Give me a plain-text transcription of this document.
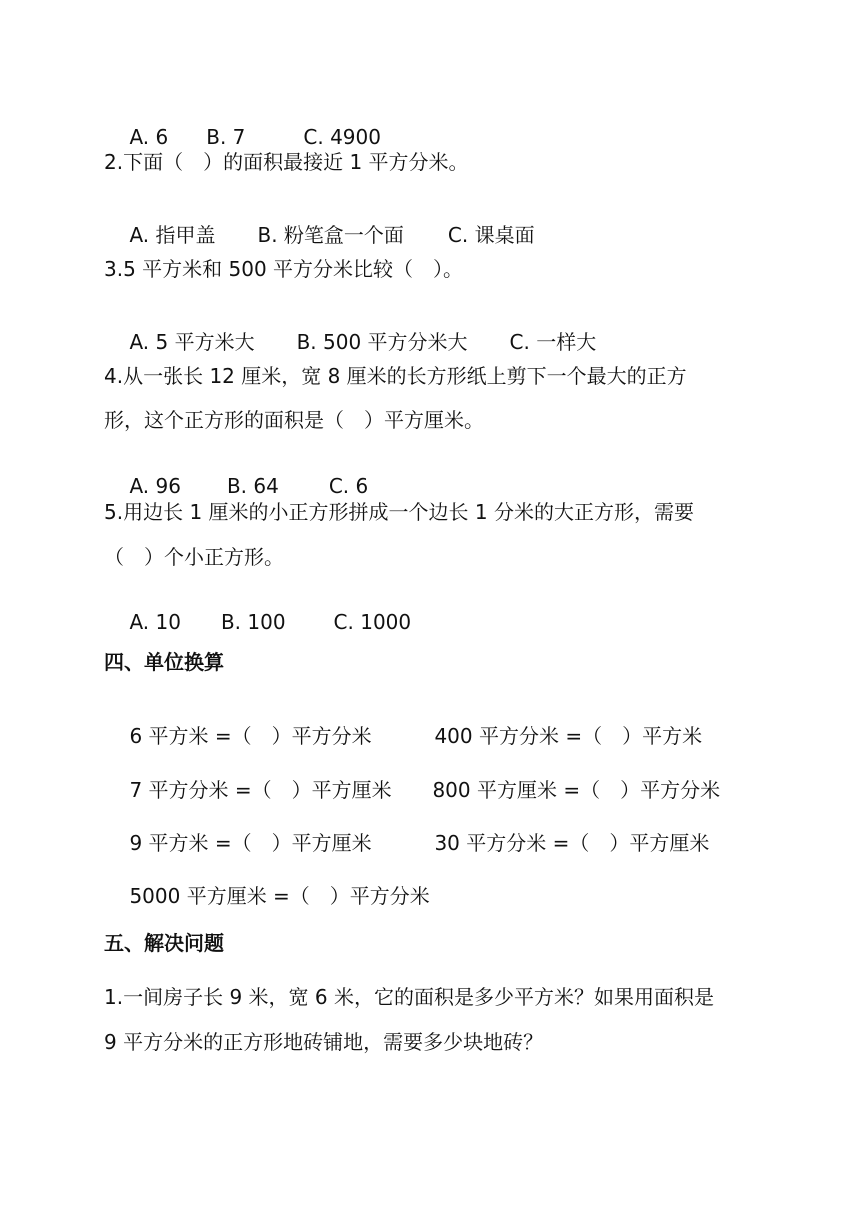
A. 6 B. 7	C. 4900

2.下面（　）的面积最接近 1 平方分米。

A. 指甲盖 B. 粉笔盒一个面 C. 课桌面

3.5 平方米和 500 平方分米比较（　）。

A. 5 平方米大 B. 500 平方分米大 C. 一样大

4.从一张长 12 厘米，宽 8 厘米的长方形纸上剪下一个最大的正方
形，这个正方形的面积是（　）平方厘米。

A. 96 B. 64	C. 6

5.用边长 1 厘米的小正方形拼成一个边长 1 分米的大正方形，需要
（　）个小正方形。

A. 10 B. 100 C. 1000

四、单位换算

6 平方米 =（　）平方分米	400 平方分米 =（　）平方米

7 平方分米 =（　）平方厘米 800 平方厘米 =（　）平方分米

9 平方米 =（　）平方厘米	30 平方分米 =（　）平方厘米

5000 平方厘米 =（　）平方分米

五、解决问题
1.一间房子长 9 米，宽 6 米，它的面积是多少平方米？如果用面积是
9 平方分米的正方形地砖铺地，需要多少块地砖？
